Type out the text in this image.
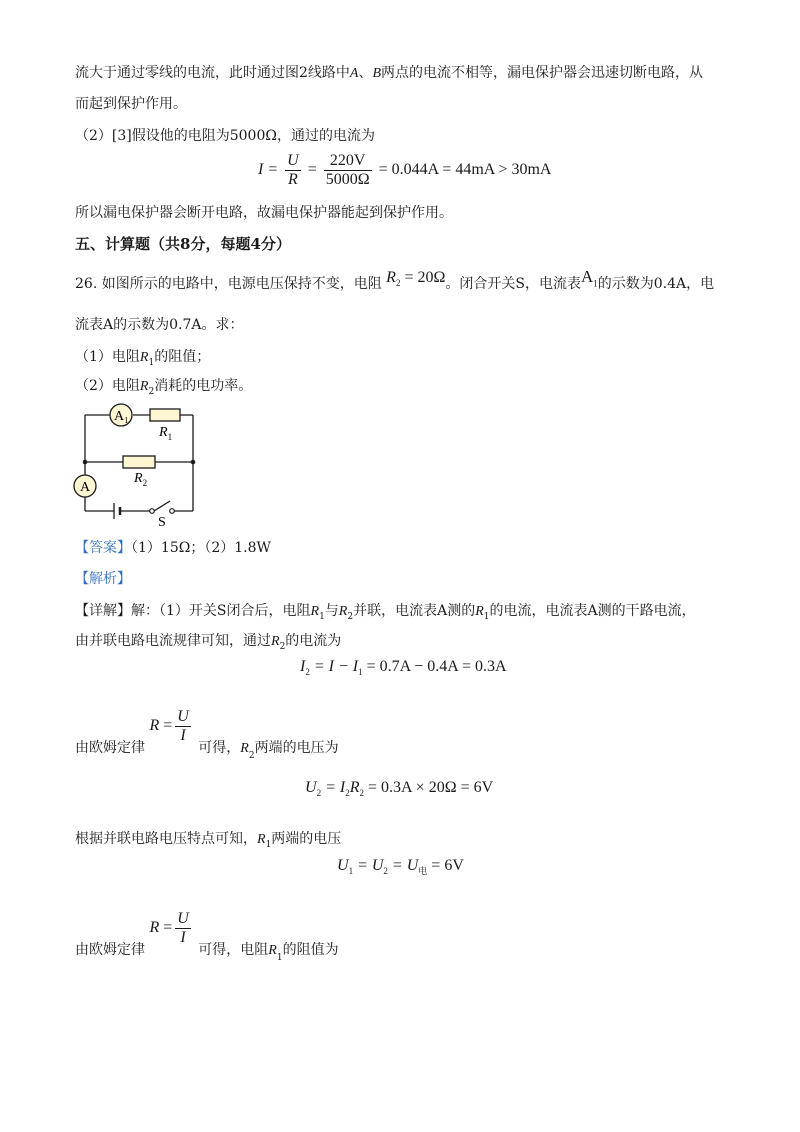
流大于通过零线的电流，此时通过图2线路中A、B两点的电流不相等，漏电保护器会迅速切断电路，从
而起到保护作用。
（2）[3]假设他的电阻为5000Ω，通过的电流为
$I = \frac{U}{R} = \frac{220V}{5000\Omega} = 0.044A = 44mA > 30mA$
所以漏电保护器会断开电路，故漏电保护器能起到保护作用。
五、计算题（共8分，每题4分）
26. 如图所示的电路中，电源电压保持不变，电阻 $R_2 = 20\Omega$。闭合开关S，电流表$A_1$的示数为0.4A，电
流表A的示数为0.7A。求：
（1）电阻$R_1$的阻值；
（2）电阻$R_2$消耗的电功率。
A₁
$R_1$
$R_2$
A
S
【答案】（1）15Ω；（2）1.8W
【解析】
【详解】解：（1）开关S闭合后，电阻$R_1$与$R_2$并联，电流表A测的$R_1$的电流，电流表A测的干路电流，
由并联电路电流规律可知，通过$R_2$的电流为
$I_2 = I - I_1 = 0.7A - 0.4A = 0.3A$
由欧姆定律 $R = \frac{U}{I}$
可得，$R_2$两端的电压为
$U_2 = I_2R_2 = 0.3A \times 20\Omega = 6V$
根据并联电路电压特点可知，$R_1$两端的电压
$U_1 = U_2 = U_电 = 6V$
由欧姆定律 $R = \frac{U}{I}$
可得，电阻$R_1$的阻值为
